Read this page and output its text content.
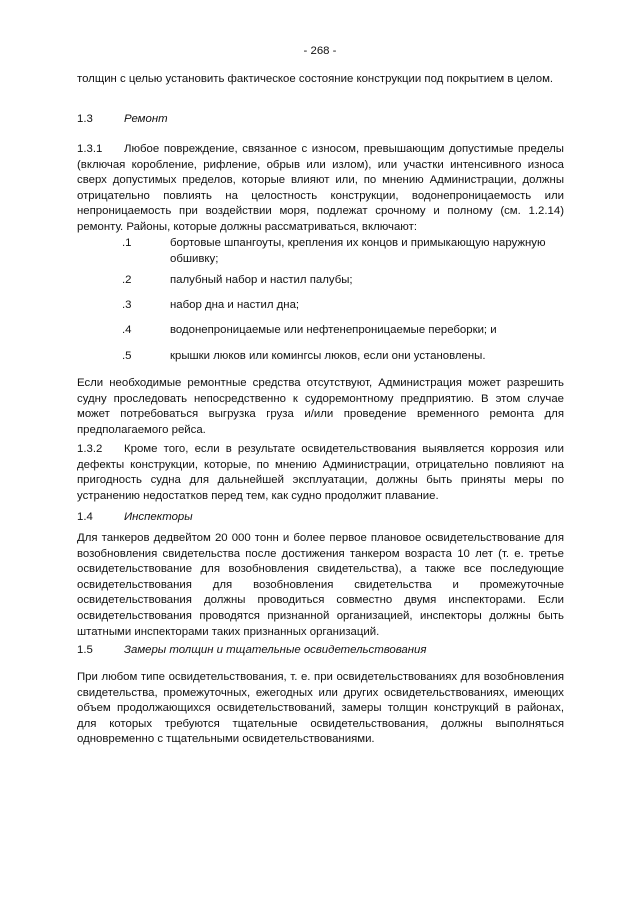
- 268 -

толщин с целью установить фактическое состояние конструкции под покрытием в целом.

1.3	Ремонт

1.3.1 Любое повреждение, связанное с износом, превышающим допустимые пределы (включая коробление, рифление, обрыв или излом), или участки интенсивного износа сверх допустимых пределов, которые влияют или, по мнению Администрации, должны отрицательно повлиять на целостность конструкции, водонепроницаемость или непроницаемость при воздействии моря, подлежат срочному и полному (см. 1.2.14) ремонту. Районы, которые должны рассматриваться, включают:

.1	бортовые шпангоуты, крепления их концов и примыкающую наружную обшивку;
.2	палубный набор и настил палубы;
.3	набор дна и настил дна;
.4	водонепроницаемые или нефтенепроницаемые переборки; и
.5	крышки люков или комингсы люков, если они установлены.

Если необходимые ремонтные средства отсутствуют, Администрация может разрешить судну проследовать непосредственно к судоремонтному предприятию. В этом случае может потребоваться выгрузка груза и/или проведение временного ремонта для предполагаемого рейса.

1.3.2 Кроме того, если в результате освидетельствования выявляется коррозия или дефекты конструкции, которые, по мнению Администрации, отрицательно повлияют на пригодность судна для дальнейшей эксплуатации, должны быть приняты меры по устранению недостатков перед тем, как судно продолжит плавание.

1.4	Инспекторы

Для танкеров дедвейтом 20 000 тонн и более первое плановое освидетельствование для возобновления свидетельства после достижения танкером возраста 10 лет (т. е. третье освидетельствование для возобновления свидетельства), а также все последующие освидетельствования для возобновления свидетельства и промежуточные освидетельствования должны проводиться совместно двумя инспекторами. Если освидетельствования проводятся признанной организацией, инспекторы должны быть штатными инспекторами таких признанных организаций.

1.5	Замеры толщин и тщательные освидетельствования

При любом типе освидетельствования, т. е. при освидетельствованиях для возобновления свидетельства, промежуточных, ежегодных или других освидетельствованиях, имеющих объем продолжающихся освидетельствований, замеры толщин конструкций в районах, для которых требуются тщательные освидетельствования, должны выполняться одновременно с тщательными освидетельствованиями.
